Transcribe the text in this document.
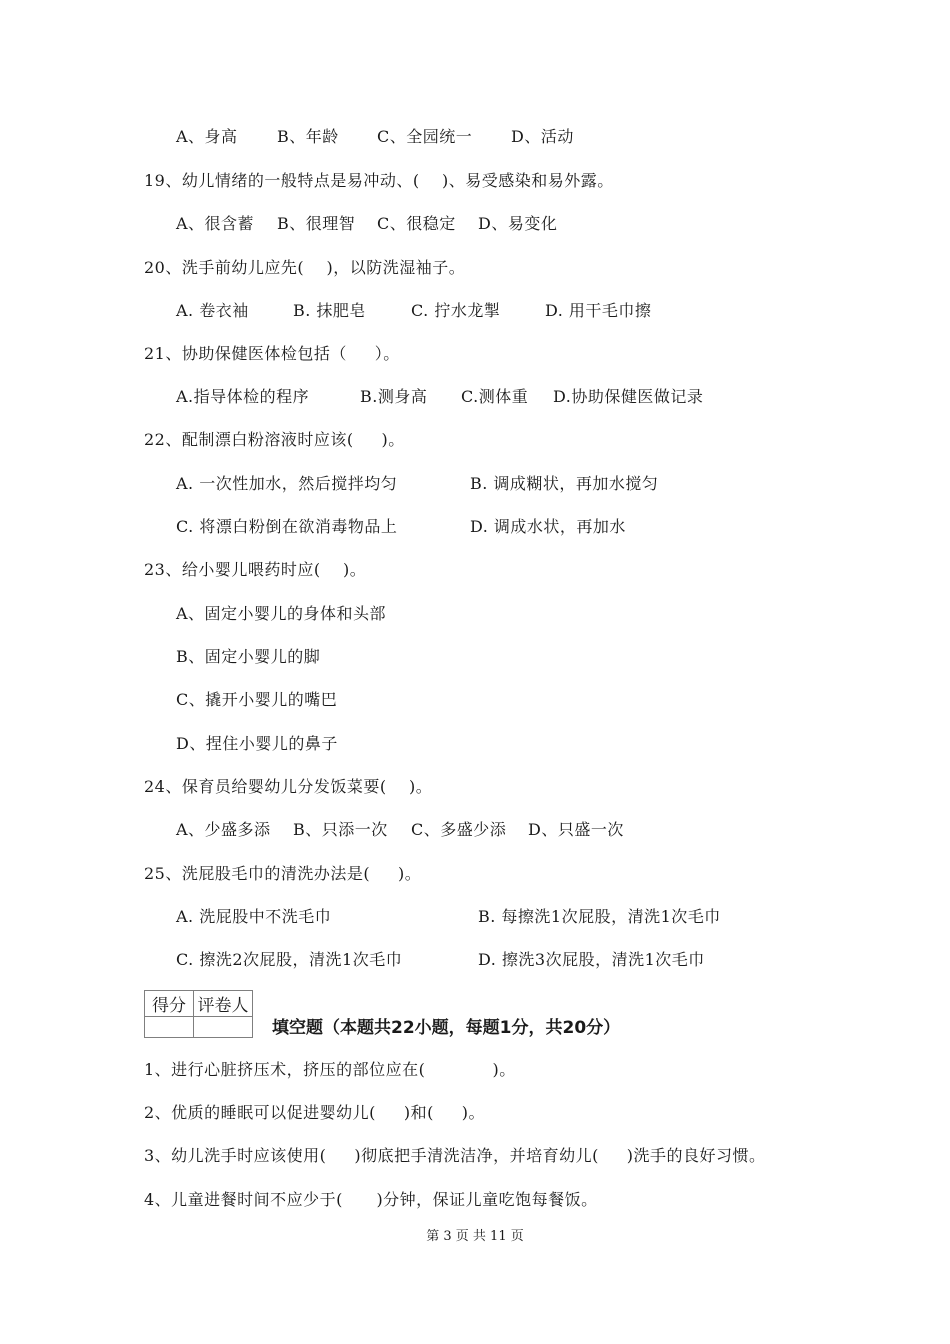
A、身高 B、年龄 C、全园统一 D、活动
19、幼儿情绪的一般特点是易冲动、(    )、易受感染和易外露。
A、很含蓄 B、很理智 C、很稳定 D、易变化
20、洗手前幼儿应先(    )，以防洗湿袖子。
A. 卷衣袖	B. 抹肥皂	C. 拧水龙掣	D. 用干毛巾擦
21、协助保健医体检包括（     ）。
A.指导体检的程序	B.测身高 C.测体重 D.协助保健医做记录
22、配制漂白粉溶液时应该(     )。
A. 一次性加水，然后搅拌均匀	B. 调成糊状，再加水搅匀
C. 将漂白粉倒在欲消毒物品上	D. 调成水状，再加水
23、给小婴儿喂药时应(    )。
A、固定小婴儿的身体和头部
B、固定小婴儿的脚
C、撬开小婴儿的嘴巴
D、捏住小婴儿的鼻子
24、保育员给婴幼儿分发饭菜要(    )。
A、少盛多添 B、只添一次 C、多盛少添 D、只盛一次
25、洗屁股毛巾的清洗办法是(     )。
A. 洗屁股中不洗毛巾	B. 每擦洗1次屁股，清洗1次毛巾
C. 擦洗2次屁股，清洗1次毛巾	D. 擦洗3次屁股，清洗1次毛巾
得分	评卷人

填空题（本题共22小题，每题1分，共20分）
1、进行心脏挤压术，挤压的部位应在(            )。
2、优质的睡眠可以促进婴幼儿(     )和(     )。
3、幼儿洗手时应该使用(     )彻底把手清洗洁净，并培育幼儿(     )洗手的良好习惯。
4、儿童进餐时间不应少于(      )分钟，保证儿童吃饱每餐饭。
第 3 页 共 11 页
